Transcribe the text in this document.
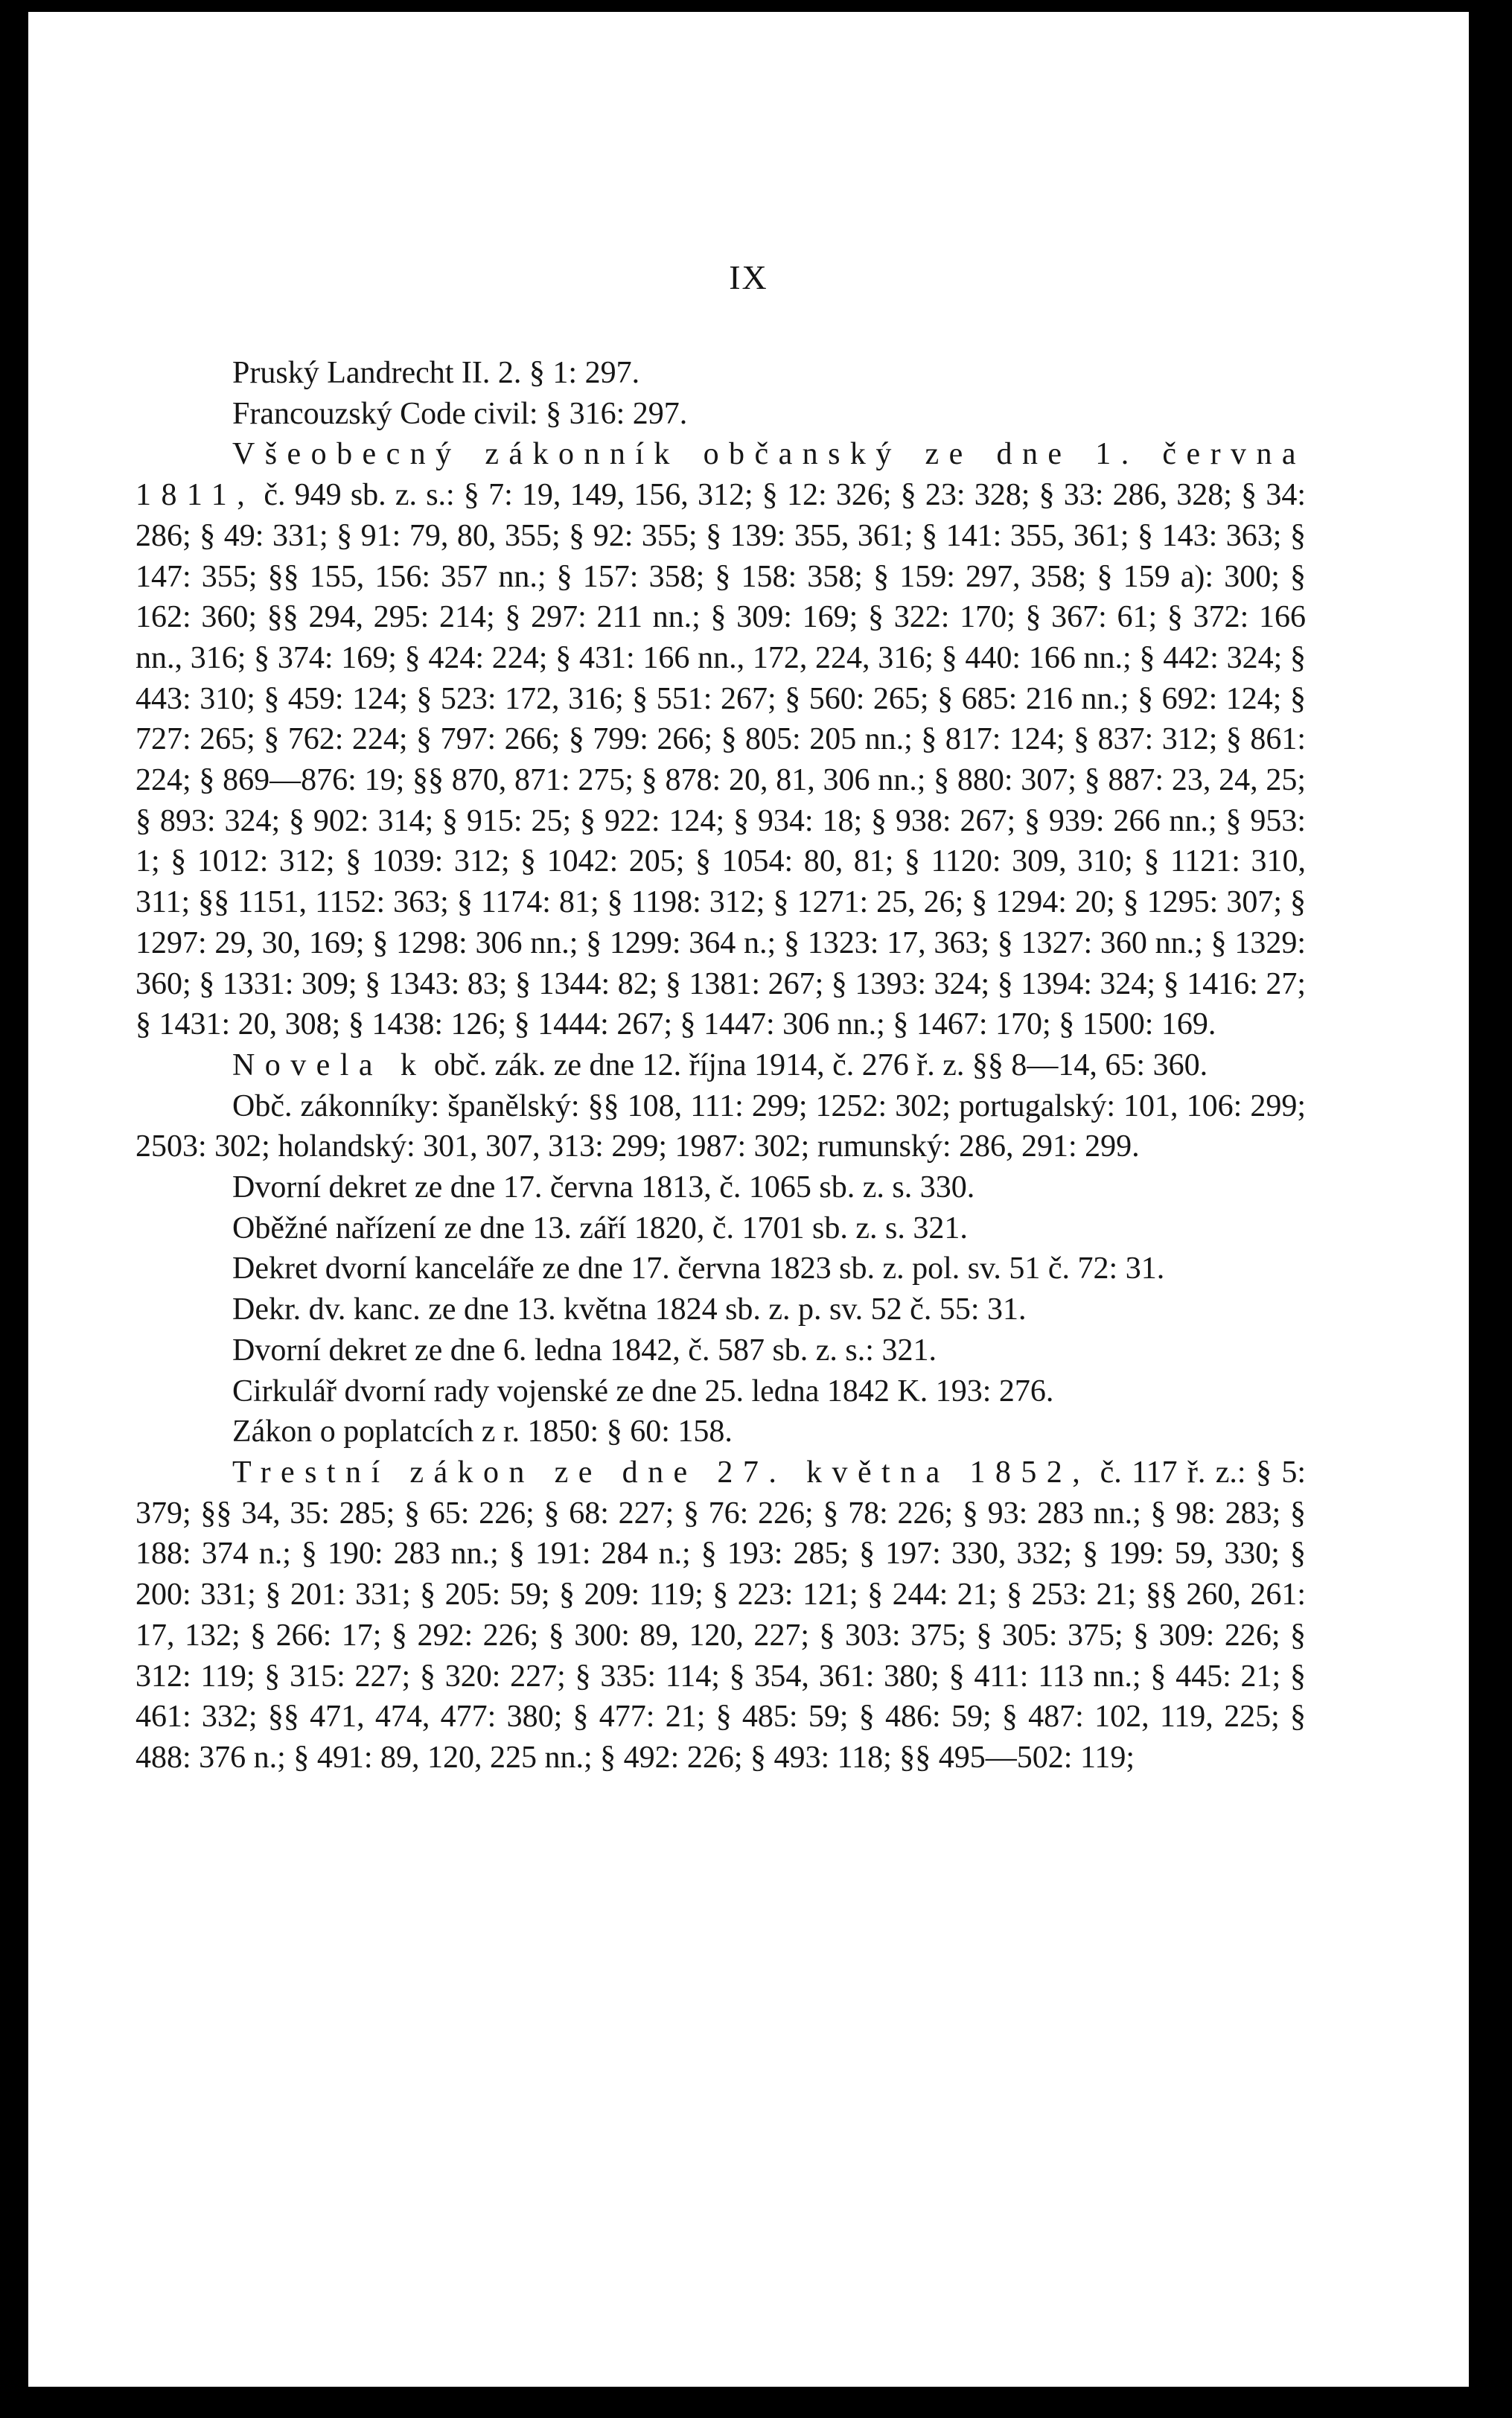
IX
Pruský Landrecht II. 2. § 1: 297.
Francouzský Code civil: § 316: 297.
Všeobecný zákonník občanský ze dne 1. června 1811, č. 949 sb. z. s.: § 7: 19, 149, 156, 312; § 12: 326; § 23: 328; § 33: 286, 328; § 34: 286; § 49: 331; § 91: 79, 80, 355; § 92: 355; § 139: 355, 361; § 141: 355, 361; § 143: 363; § 147: 355; §§ 155, 156: 357 nn.; § 157: 358; § 158: 358; § 159: 297, 358; § 159 a): 300; § 162: 360; §§ 294, 295: 214; § 297: 211 nn.; § 309: 169; § 322: 170; § 367: 61; § 372: 166 nn., 316; § 374: 169; § 424: 224; § 431: 166 nn., 172, 224, 316; § 440: 166 nn.; § 442: 324; § 443: 310; § 459: 124; § 523: 172, 316; § 551: 267; § 560: 265; § 685: 216 nn.; § 692: 124; § 727: 265; § 762: 224; § 797: 266; § 799: 266; § 805: 205 nn.; § 817: 124; § 837: 312; § 861: 224; § 869—876: 19; §§ 870, 871: 275; § 878: 20, 81, 306 nn.; § 880: 307; § 887: 23, 24, 25; § 893: 324; § 902: 314; § 915: 25; § 922: 124; § 934: 18; § 938: 267; § 939: 266 nn.; § 953: 1; § 1012: 312; § 1039: 312; § 1042: 205; § 1054: 80, 81; § 1120: 309, 310; § 1121: 310, 311; §§ 1151, 1152: 363; § 1174: 81; § 1198: 312; § 1271: 25, 26; § 1294: 20; § 1295: 307; § 1297: 29, 30, 169; § 1298: 306 nn.; § 1299: 364 n.; § 1323: 17, 363; § 1327: 360 nn.; § 1329: 360; § 1331: 309; § 1343: 83; § 1344: 82; § 1381: 267; § 1393: 324; § 1394: 324; § 1416: 27; § 1431: 20, 308; § 1438: 126; § 1444: 267; § 1447: 306 nn.; § 1467: 170; § 1500: 169.
Novela k obč. zák. ze dne 12. října 1914, č. 276 ř. z. §§ 8—14, 65: 360.
Obč. zákonníky: španělský: §§ 108, 111: 299; 1252: 302; portugalský: 101, 106: 299; 2503: 302; holandský: 301, 307, 313: 299; 1987: 302; rumunský: 286, 291: 299.
Dvorní dekret ze dne 17. června 1813, č. 1065 sb. z. s. 330.
Oběžné nařízení ze dne 13. září 1820, č. 1701 sb. z. s. 321.
Dekret dvorní kanceláře ze dne 17. června 1823 sb. z. pol. sv. 51 č. 72: 31.
Dekr. dv. kanc. ze dne 13. května 1824 sb. z. p. sv. 52 č. 55: 31.
Dvorní dekret ze dne 6. ledna 1842, č. 587 sb. z. s.: 321.
Cirkulář dvorní rady vojenské ze dne 25. ledna 1842 K. 193: 276.
Zákon o poplatcích z r. 1850: § 60: 158.
Trestní zákon ze dne 27. května 1852, č. 117 ř. z.: § 5: 379; §§ 34, 35: 285; § 65: 226; § 68: 227; § 76: 226; § 78: 226; § 93: 283 nn.; § 98: 283; § 188: 374 n.; § 190: 283 nn.; § 191: 284 n.; § 193: 285; § 197: 330, 332; § 199: 59, 330; § 200: 331; § 201: 331; § 205: 59; § 209: 119; § 223: 121; § 244: 21; § 253: 21; §§ 260, 261: 17, 132; § 266: 17; § 292: 226; § 300: 89, 120, 227; § 303: 375; § 305: 375; § 309: 226; § 312: 119; § 315: 227; § 320: 227; § 335: 114; § 354, 361: 380; § 411: 113 nn.; § 445: 21; § 461: 332; §§ 471, 474, 477: 380; § 477: 21; § 485: 59; § 486: 59; § 487: 102, 119, 225; § 488: 376 n.; § 491: 89, 120, 225 nn.; § 492: 226; § 493: 118; §§ 495—502: 119;
